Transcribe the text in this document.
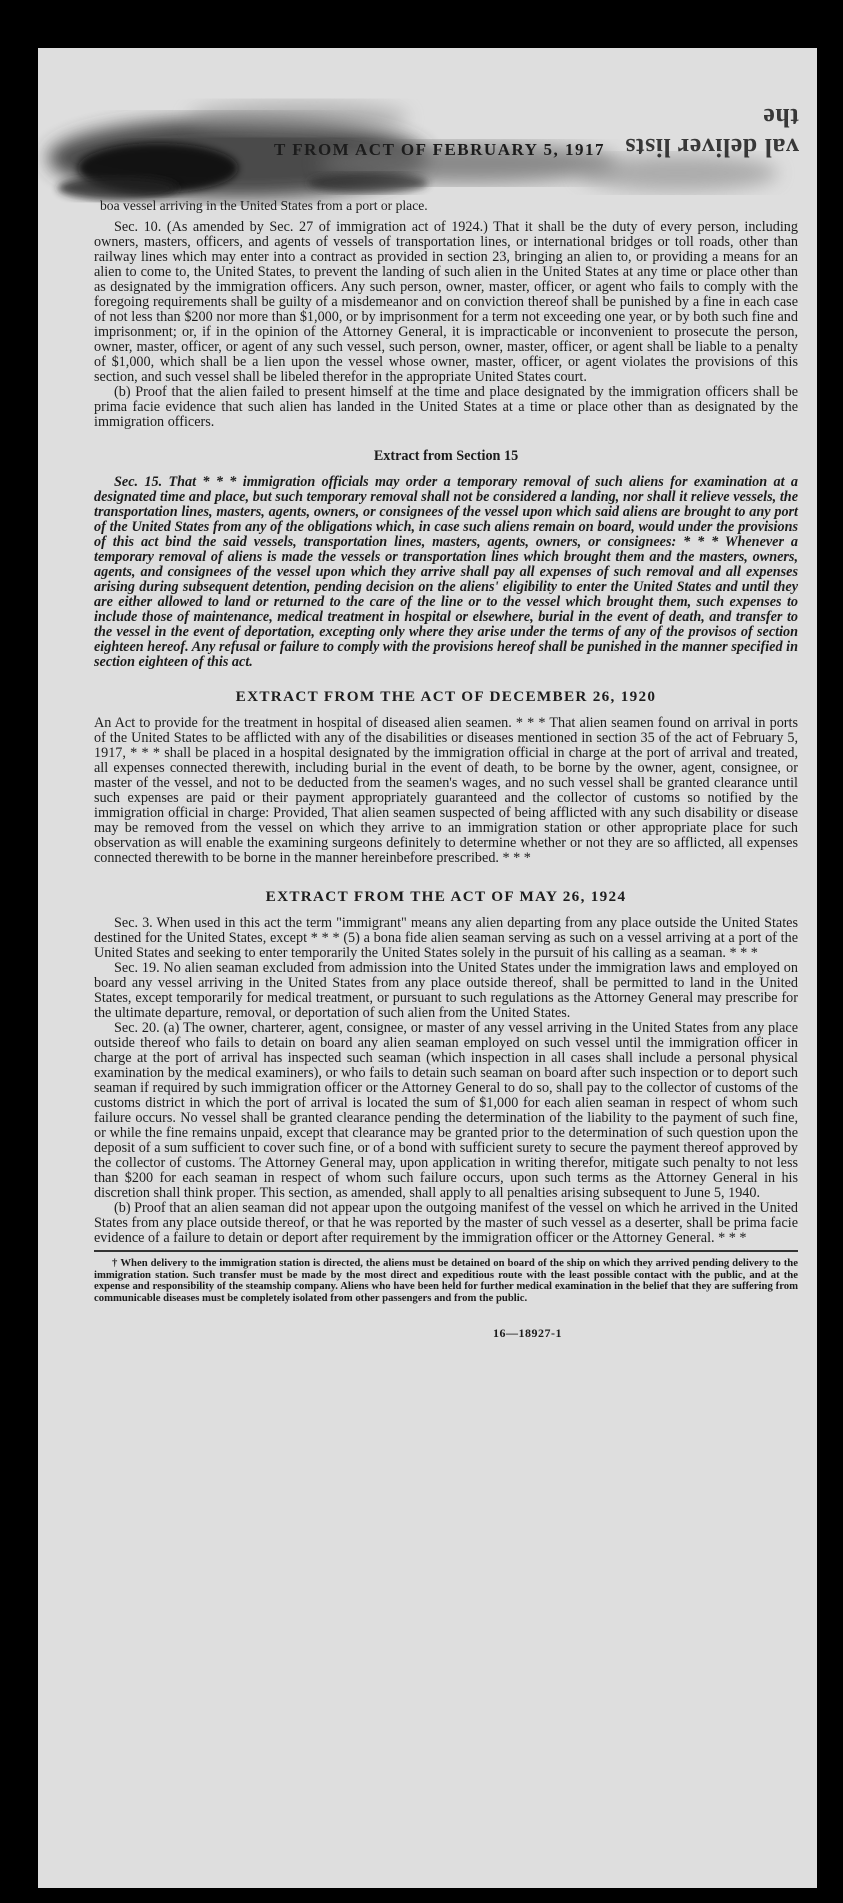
val deliver lists the
T FROM ACT OF FEBRUARY 5, 1917
boa vessel arriving in the United States from a port or place.

Sec. 10. (As amended by Sec. 27 of immigration act of 1924.) That it shall be the duty of every person, including owners, masters, officers, and agents of vessels of transportation lines, or international bridges or toll roads, other than railway lines which may enter into a contract as provided in section 23, bringing an alien to, or providing a means for an alien to come to, the United States, to prevent the landing of such alien in the United States at any time or place other than as designated by the immigration officers. Any such person, owner, master, officer, or agent who fails to comply with the foregoing requirements shall be guilty of a misdemeanor and on conviction thereof shall be punished by a fine in each case of not less than $200 nor more than $1,000, or by imprisonment for a term not exceeding one year, or by both such fine and imprisonment; or, if in the opinion of the Attorney General, it is impracticable or inconvenient to prosecute the person, owner, master, officer, or agent of any such vessel, such person, owner, master, officer, or agent shall be liable to a penalty of $1,000, which shall be a lien upon the vessel whose owner, master, officer, or agent violates the provisions of this section, and such vessel shall be libeled therefor in the appropriate United States court.

(b) Proof that the alien failed to present himself at the time and place designated by the immigration officers shall be prima facie evidence that such alien has landed in the United States at a time or place other than as designated by the immigration officers.

Extract from Section 15

Sec. 15. That * * * immigration officials may order a temporary removal of such aliens for examination at a designated time and place, but such temporary removal shall not be considered a landing, nor shall it relieve vessels, the transportation lines, masters, agents, owners, or consignees of the vessel upon which said aliens are brought to any port of the United States from any of the obligations which, in case such aliens remain on board, would under the provisions of this act bind the said vessels, transportation lines, masters, agents, owners, or consignees: * * * Whenever a temporary removal of aliens is made the vessels or transportation lines which brought them and the masters, owners, agents, and consignees of the vessel upon which they arrive shall pay all expenses of such removal and all expenses arising during subsequent detention, pending decision on the aliens' eligibility to enter the United States and until they are either allowed to land or returned to the care of the line or to the vessel which brought them, such expenses to include those of maintenance, medical treatment in hospital or elsewhere, burial in the event of death, and transfer to the vessel in the event of deportation, excepting only where they arise under the terms of any of the provisos of section eighteen hereof. Any refusal or failure to comply with the provisions hereof shall be punished in the manner specified in section eighteen of this act.

EXTRACT FROM THE ACT OF DECEMBER 26, 1920

An Act to provide for the treatment in hospital of diseased alien seamen. * * * That alien seamen found on arrival in ports of the United States to be afflicted with any of the disabilities or diseases mentioned in section 35 of the act of February 5, 1917, * * * shall be placed in a hospital designated by the immigration official in charge at the port of arrival and treated, all expenses connected therewith, including burial in the event of death, to be borne by the owner, agent, consignee, or master of the vessel, and not to be deducted from the seamen's wages, and no such vessel shall be granted clearance until such expenses are paid or their payment appropriately guaranteed and the collector of customs so notified by the immigration official in charge: Provided, That alien seamen suspected of being afflicted with any such disability or disease may be removed from the vessel on which they arrive to an immigration station or other appropriate place for such observation as will enable the examining surgeons definitely to determine whether or not they are so afflicted, all expenses connected therewith to be borne in the manner hereinbefore prescribed. * * *

EXTRACT FROM THE ACT OF MAY 26, 1924

Sec. 3. When used in this act the term "immigrant" means any alien departing from any place outside the United States destined for the United States, except * * * (5) a bona fide alien seaman serving as such on a vessel arriving at a port of the United States and seeking to enter temporarily the United States solely in the pursuit of his calling as a seaman. * * *

Sec. 19. No alien seaman excluded from admission into the United States under the immigration laws and employed on board any vessel arriving in the United States from any place outside thereof, shall be permitted to land in the United States, except temporarily for medical treatment, or pursuant to such regulations as the Attorney General may prescribe for the ultimate departure, removal, or deportation of such alien from the United States.

Sec. 20. (a) The owner, charterer, agent, consignee, or master of any vessel arriving in the United States from any place outside thereof who fails to detain on board any alien seaman employed on such vessel until the immigration officer in charge at the port of arrival has inspected such seaman (which inspection in all cases shall include a personal physical examination by the medical examiners), or who fails to detain such seaman on board after such inspection or to deport such seaman if required by such immigration officer or the Attorney General to do so, shall pay to the collector of customs of the customs district in which the port of arrival is located the sum of $1,000 for each alien seaman in respect of whom such failure occurs. No vessel shall be granted clearance pending the determination of the liability to the payment of such fine, or while the fine remains unpaid, except that clearance may be granted prior to the determination of such question upon the deposit of a sum sufficient to cover such fine, or of a bond with sufficient surety to secure the payment thereof approved by the collector of customs. The Attorney General may, upon application in writing therefor, mitigate such penalty to not less than $200 for each seaman in respect of whom such failure occurs, upon such terms as the Attorney General in his discretion shall think proper. This section, as amended, shall apply to all penalties arising subsequent to June 5, 1940.

(b) Proof that an alien seaman did not appear upon the outgoing manifest of the vessel on which he arrived in the United States from any place outside thereof, or that he was reported by the master of such vessel as a deserter, shall be prima facie evidence of a failure to detain or deport after requirement by the immigration officer or the Attorney General. * * *

† When delivery to the immigration station is directed, the aliens must be detained on board of the ship on which they arrived pending delivery to the immigration station. Such transfer must be made by the most direct and expeditious route with the least possible contact with the public, and at the expense and responsibility of the steamship company. Aliens who have been held for further medical examination in the belief that they are suffering from communicable diseases must be completely isolated from other passengers and from the public.

16—18927-1
